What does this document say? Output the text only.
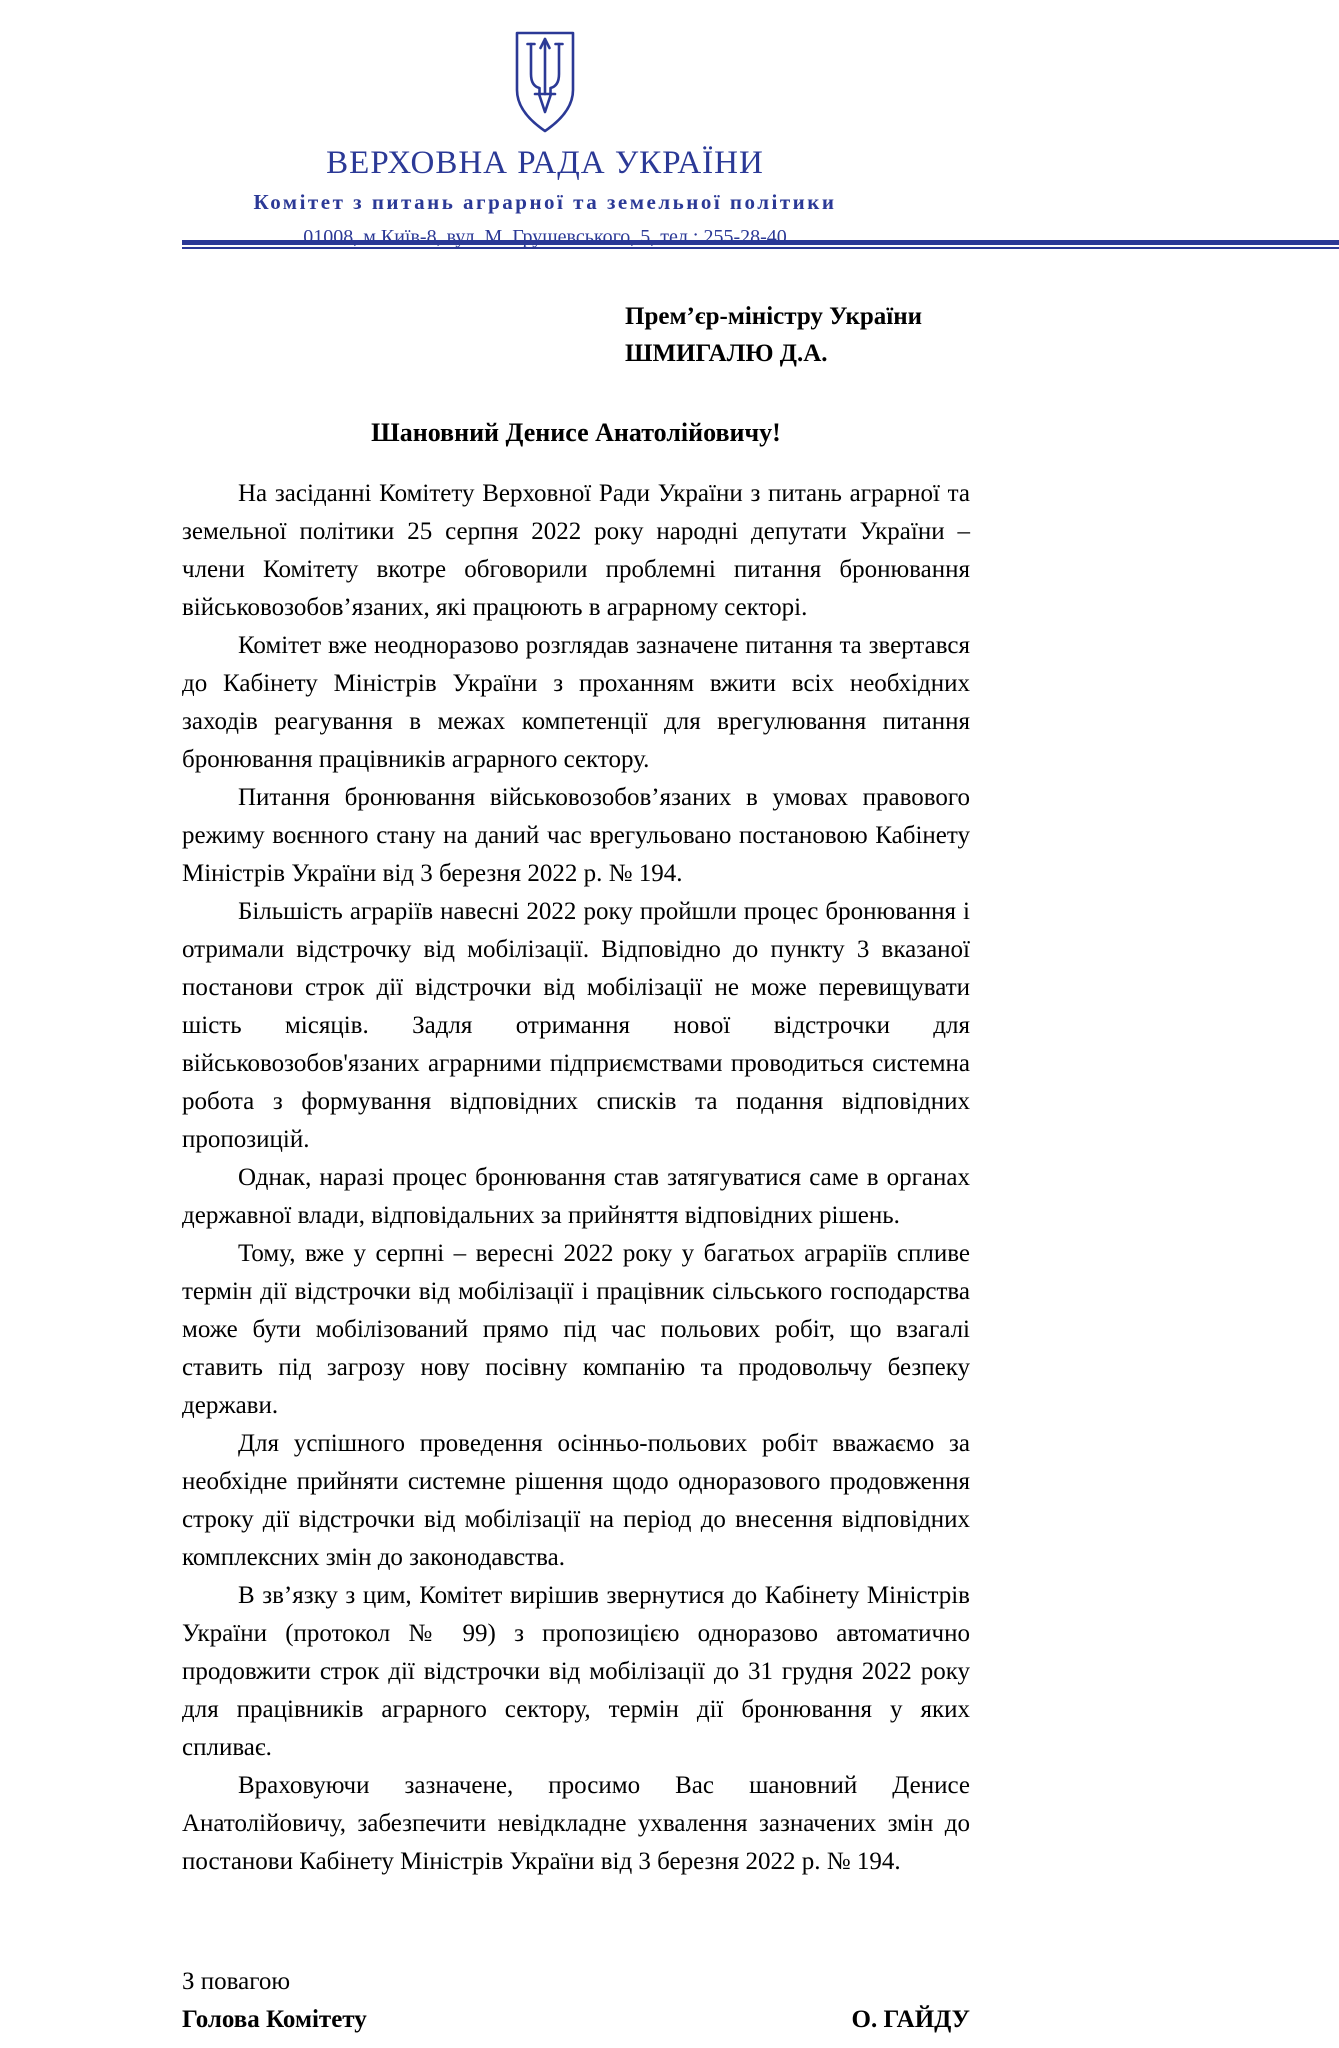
ВЕРХОВНА РАДА УКРАЇНИ
Комітет з питань аграрної та земельної політики
01008, м.Київ-8, вул. М. Грушевського, 5, тел.: 255-28-40
Прем’єр-міністру України
ШМИГАЛЮ Д.А.
Шановний Денисе Анатолійовичу!

На засіданні Комітету Верховної Ради України з питань аграрної та земельної політики 25 серпня 2022 року народні депутати України – члени Комітету вкотре обговорили проблемні питання бронювання військовозобов’язаних, які працюють в аграрному секторі.

Комітет вже неодноразово розглядав зазначене питання та звертався до Кабінету Міністрів України з проханням вжити всіх необхідних заходів реагування в межах компетенції для врегулювання питання бронювання працівників аграрного сектору.

Питання бронювання військовозобов’язаних в умовах правового режиму воєнного стану на даний час врегульовано постановою Кабінету Міністрів України від 3 березня 2022 р. № 194.

Більшість аграріїв навесні 2022 року пройшли процес бронювання і отримали відстрочку від мобілізації. Відповідно до пункту 3 вказаної постанови строк дії відстрочки від мобілізації не може перевищувати шість місяців. Задля отримання нової відстрочки для військовозобов'язаних аграрними підприємствами проводиться системна робота з формування відповідних списків та подання відповідних пропозицій.

Однак, наразі процес бронювання став затягуватися саме в органах державної влади, відповідальних за прийняття відповідних рішень.

Тому, вже у серпні – вересні 2022 року у багатьох аграріїв спливе термін дії відстрочки від мобілізації і працівник сільського господарства може бути мобілізований прямо під час польових робіт, що взагалі ставить під загрозу нову посівну компанію та продовольчу безпеку держави.

Для успішного проведення осінньо-польових робіт вважаємо за необхідне прийняти системне рішення щодо одноразового продовження строку дії відстрочки від мобілізації на період до внесення відповідних комплексних змін до законодавства.

В зв’язку з цим, Комітет вирішив звернутися до Кабінету Міністрів України (протокол № 99) з пропозицією одноразово автоматично продовжити строк дії відстрочки від мобілізації до 31 грудня 2022 року для працівників аграрного сектору, термін дії бронювання у яких спливає.

Враховуючи зазначене, просимо Вас шановний Денисе Анатолійовичу, забезпечити невідкладне ухвалення зазначених змін до постанови Кабінету Міністрів України від 3 березня 2022 р. № 194.

З повагою
Голова Комітету	О. ГАЙДУ
